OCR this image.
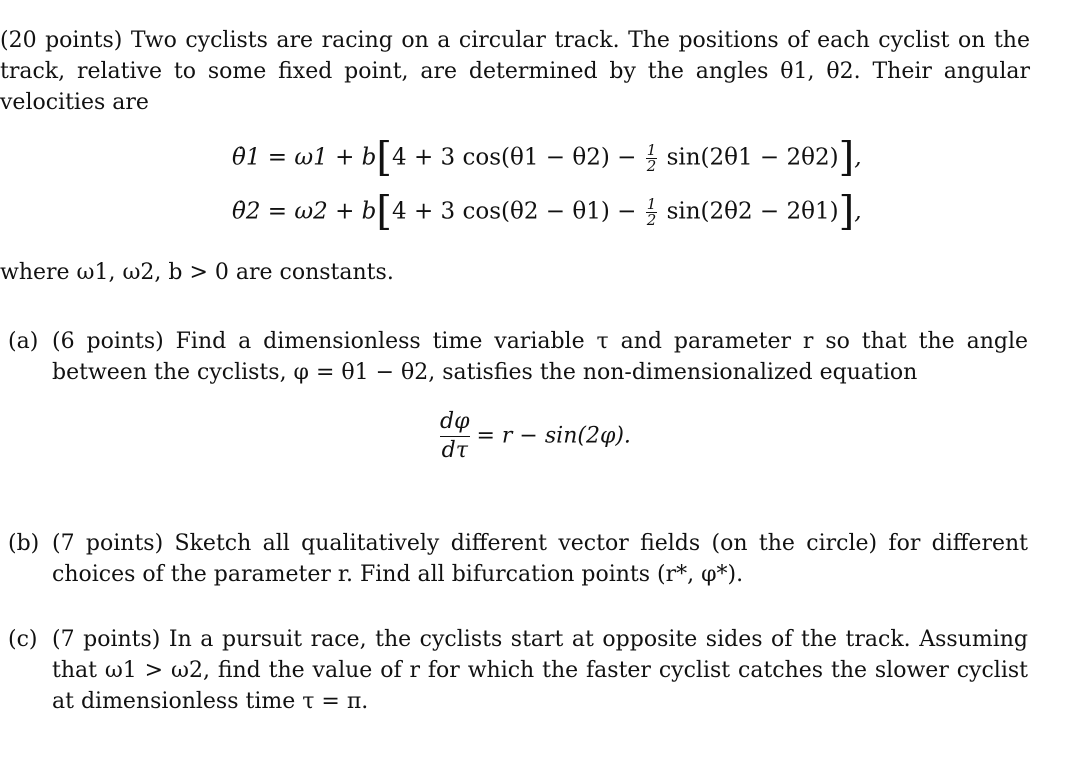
(20 points) Two cyclists are racing on a circular track. The positions of each cyclist on the track, relative to some fixed point, are determined by the angles θ1, θ2. Their angular velocities are
θ̇1 = ω1 + b[4 + 3 $\cos(\theta 1 - \theta 2) - \frac{1}{2} \sin(2\theta 1 - 2\theta 2)$],
θ̇2 = ω2 + b[4 + 3 $\cos(\theta 2 - \theta 1) - \frac{1}{2} \sin(2\theta 2 - 2\theta 1)$],
where ω1, ω2, b > 0 are constants.
(a) (6 points) Find a dimensionless time variable τ and parameter r so that the angle between the cyclists, φ = θ1 − θ2, satisfies the non-dimensionalized equation
$\frac{d\varphi}{d\tau} = r - \sin(2\varphi)$.
(b) (7 points) Sketch all qualitatively different vector fields (on the circle) for different choices of the parameter r. Find all bifurcation points (r*, φ*).
(c) (7 points) In a pursuit race, the cyclists start at opposite sides of the track. Assuming that ω1 > ω2, find the value of r for which the faster cyclist catches the slower cyclist at dimensionless time τ = π.
